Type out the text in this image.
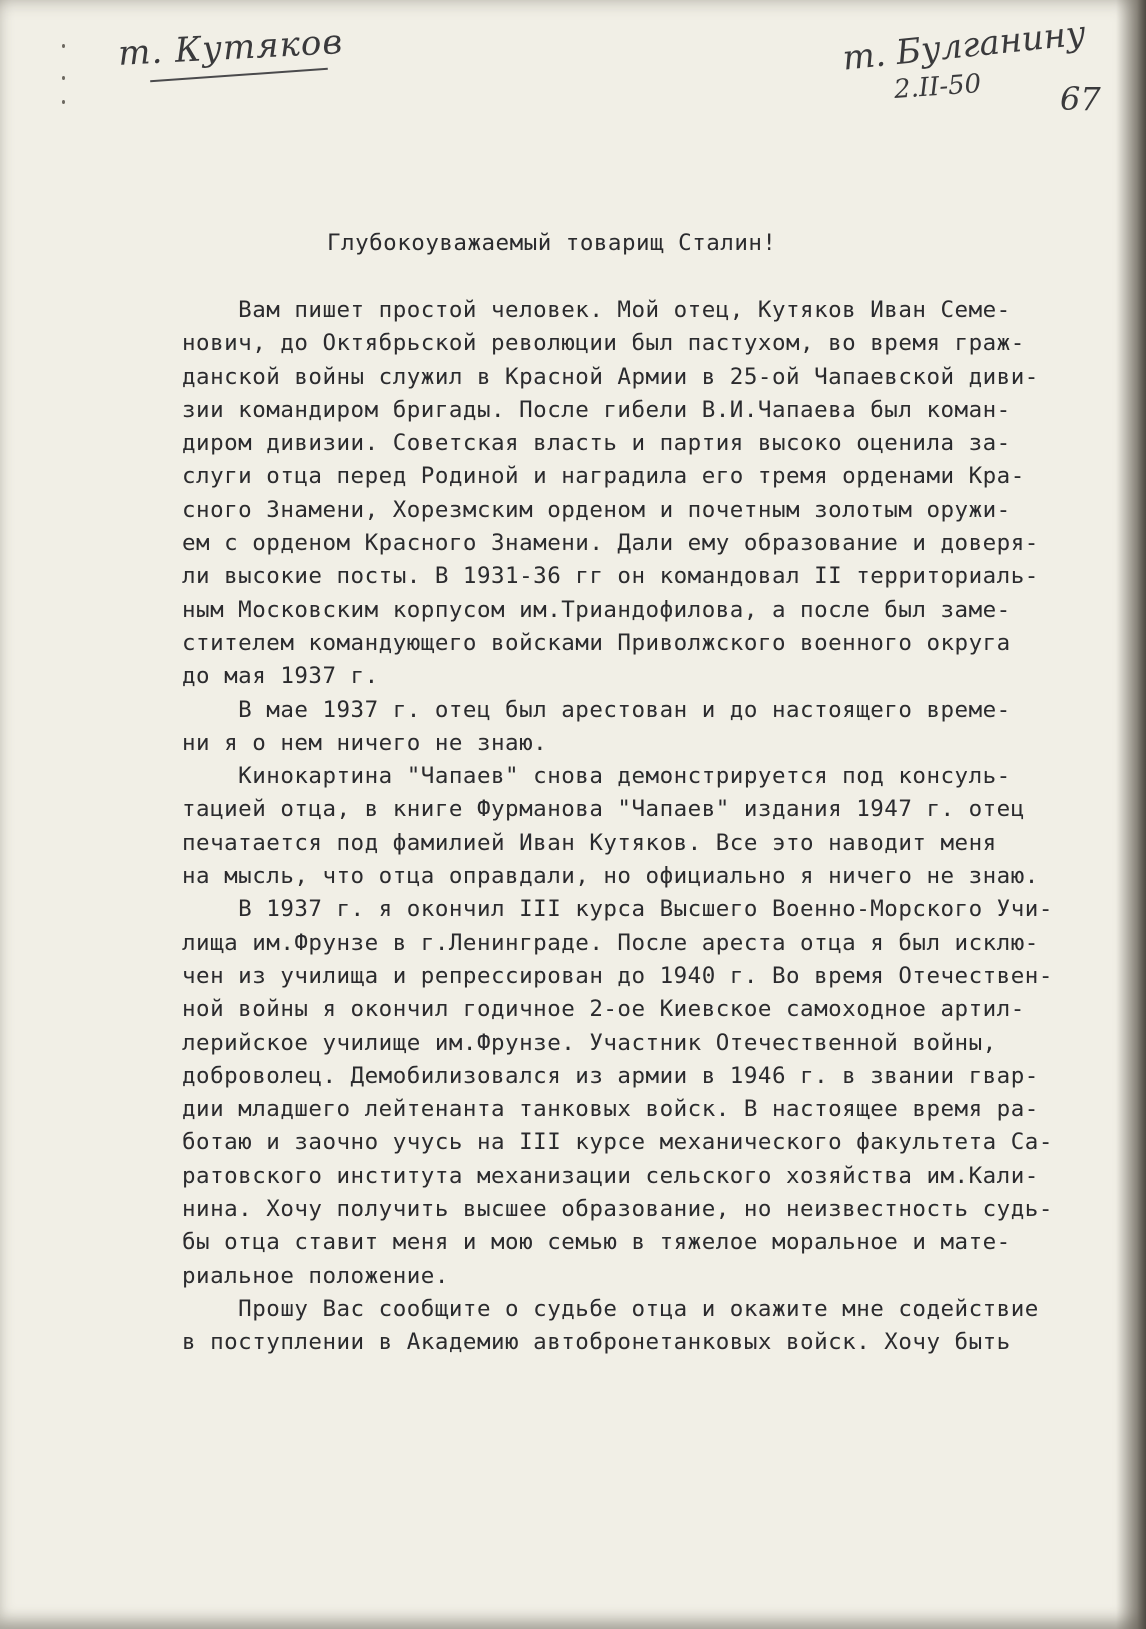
т. Кутяков	т. Булганину
2.II-50 67
Глубокоуважаемый товарищ Сталин!
Вам пишет простой человек. Мой отец, Кутяков Иван Семе-
нович, до Октябрьской революции был пастухом, во время граж-
данской войны служил в Красной Армии в 25-ой Чапаевской диви-
зии командиром бригады. После гибели В.И.Чапаева был коман-
диром дивизии. Советская власть и партия высоко оценила за-
слуги отца перед Родиной и наградила его тремя орденами Кра-
сного Знамени, Хорезмским орденом и почетным золотым оружи-
ем с орденом Красного Знамени. Дали ему образование и доверя-
ли высокие посты. В 1931-36 гг он командовал II территориаль-
ным Московским корпусом им.Триандофилова, а после был заме-
стителем командующего войсками Приволжского военного округа
до мая 1937 г.
В мае 1937 г. отец был арестован и до настоящего време-
ни я о нем ничего не знаю.
Кинокартина "Чапаев" снова демонстрируется под консуль-
тацией отца, в книге Фурманова "Чапаев" издания 1947 г. отец
печатается под фамилией Иван Кутяков. Все это наводит меня
на мысль, что отца оправдали, но официально я ничего не знаю.
В 1937 г. я окончил III курса Высшего Военно-Морского Учи-
лища им.Фрунзе в г.Ленинграде. После ареста отца я был исклю-
чен из училища и репрессирован до 1940 г. Во время Отечествен-
ной войны я окончил годичное 2-ое Киевское самоходное артил-
лерийское училище им.Фрунзе. Участник Отечественной войны,
доброволец. Демобилизовался из армии в 1946 г. в звании гвар-
дии младшего лейтенанта танковых войск. В настоящее время ра-
ботаю и заочно учусь на III курсе механического факультета Са-
ратовского института механизации сельского хозяйства им.Кали-
нина. Хочу получить высшее образование, но неизвестность судь-
бы отца ставит меня и мою семью в тяжелое моральное и мате-
риальное положение.
Прошу Вас сообщите о судьбе отца и окажите мне содействие
в поступлении в Академию автобронетанковых войск. Хочу быть
